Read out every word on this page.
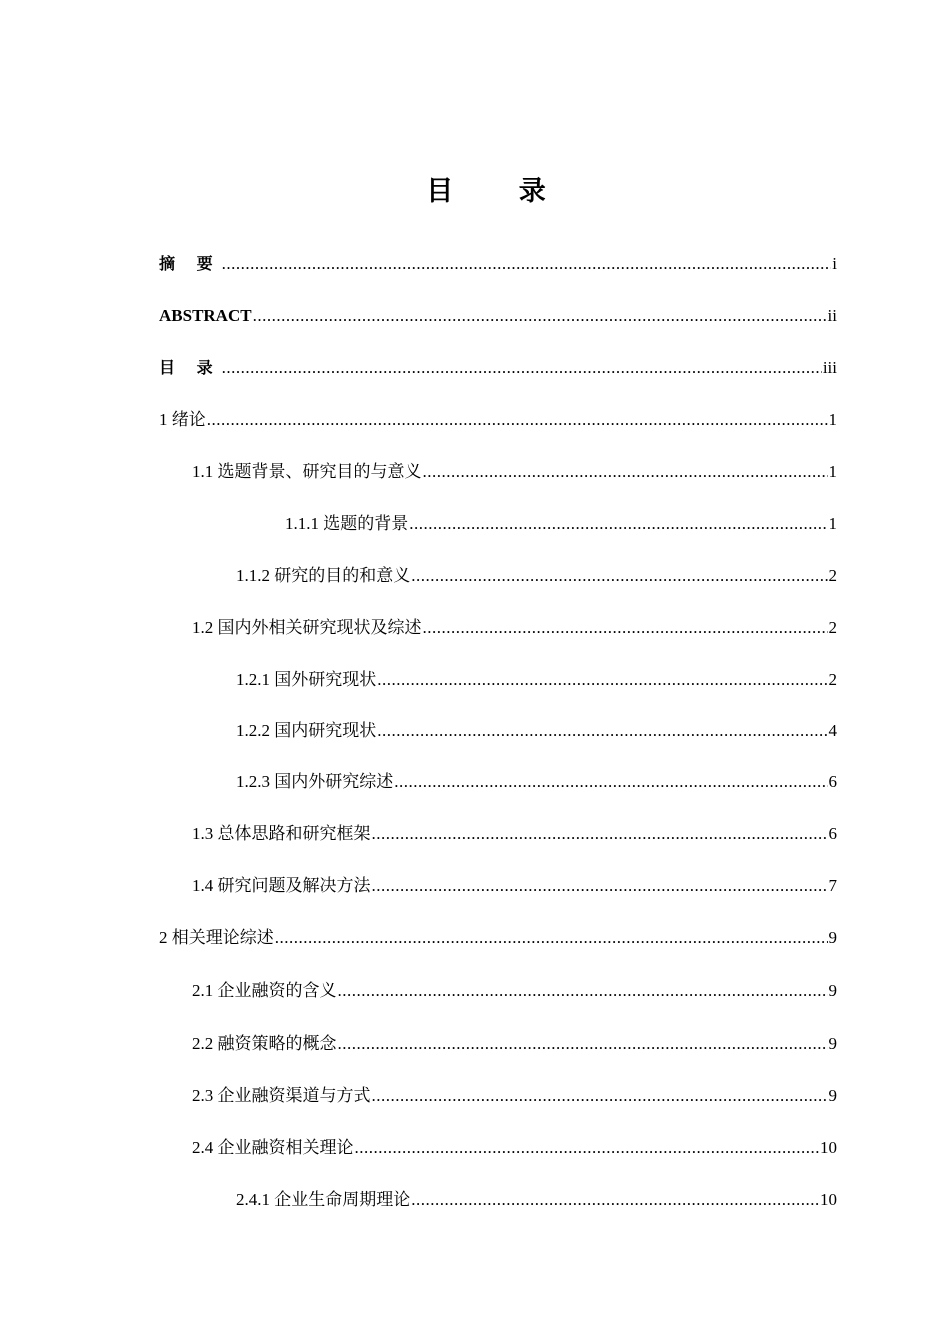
目 录
摘 要 .....	i
ABSTRACT .....	ii
目 录 .....	iii
1 绪论 .....	1
1.1 选题背景、研究目的与意义 .....	1
1.1.1 选题的背景 .....	1
1.1.2 研究的目的和意义 .....	2
1.2 国内外相关研究现状及综述 .....	2
1.2.1 国外研究现状 .....	2
1.2.2 国内研究现状 .....	4
1.2.3 国内外研究综述 .....	6
1.3 总体思路和研究框架 .....	6
1.4 研究问题及解决方法 .....	7
2 相关理论综述 .....	9
2.1 企业融资的含义 .....	9
2.2 融资策略的概念 .....	9
2.3 企业融资渠道与方式 .....	9
2.4 企业融资相关理论 .....	10
2.4.1 企业生命周期理论 .....	10
